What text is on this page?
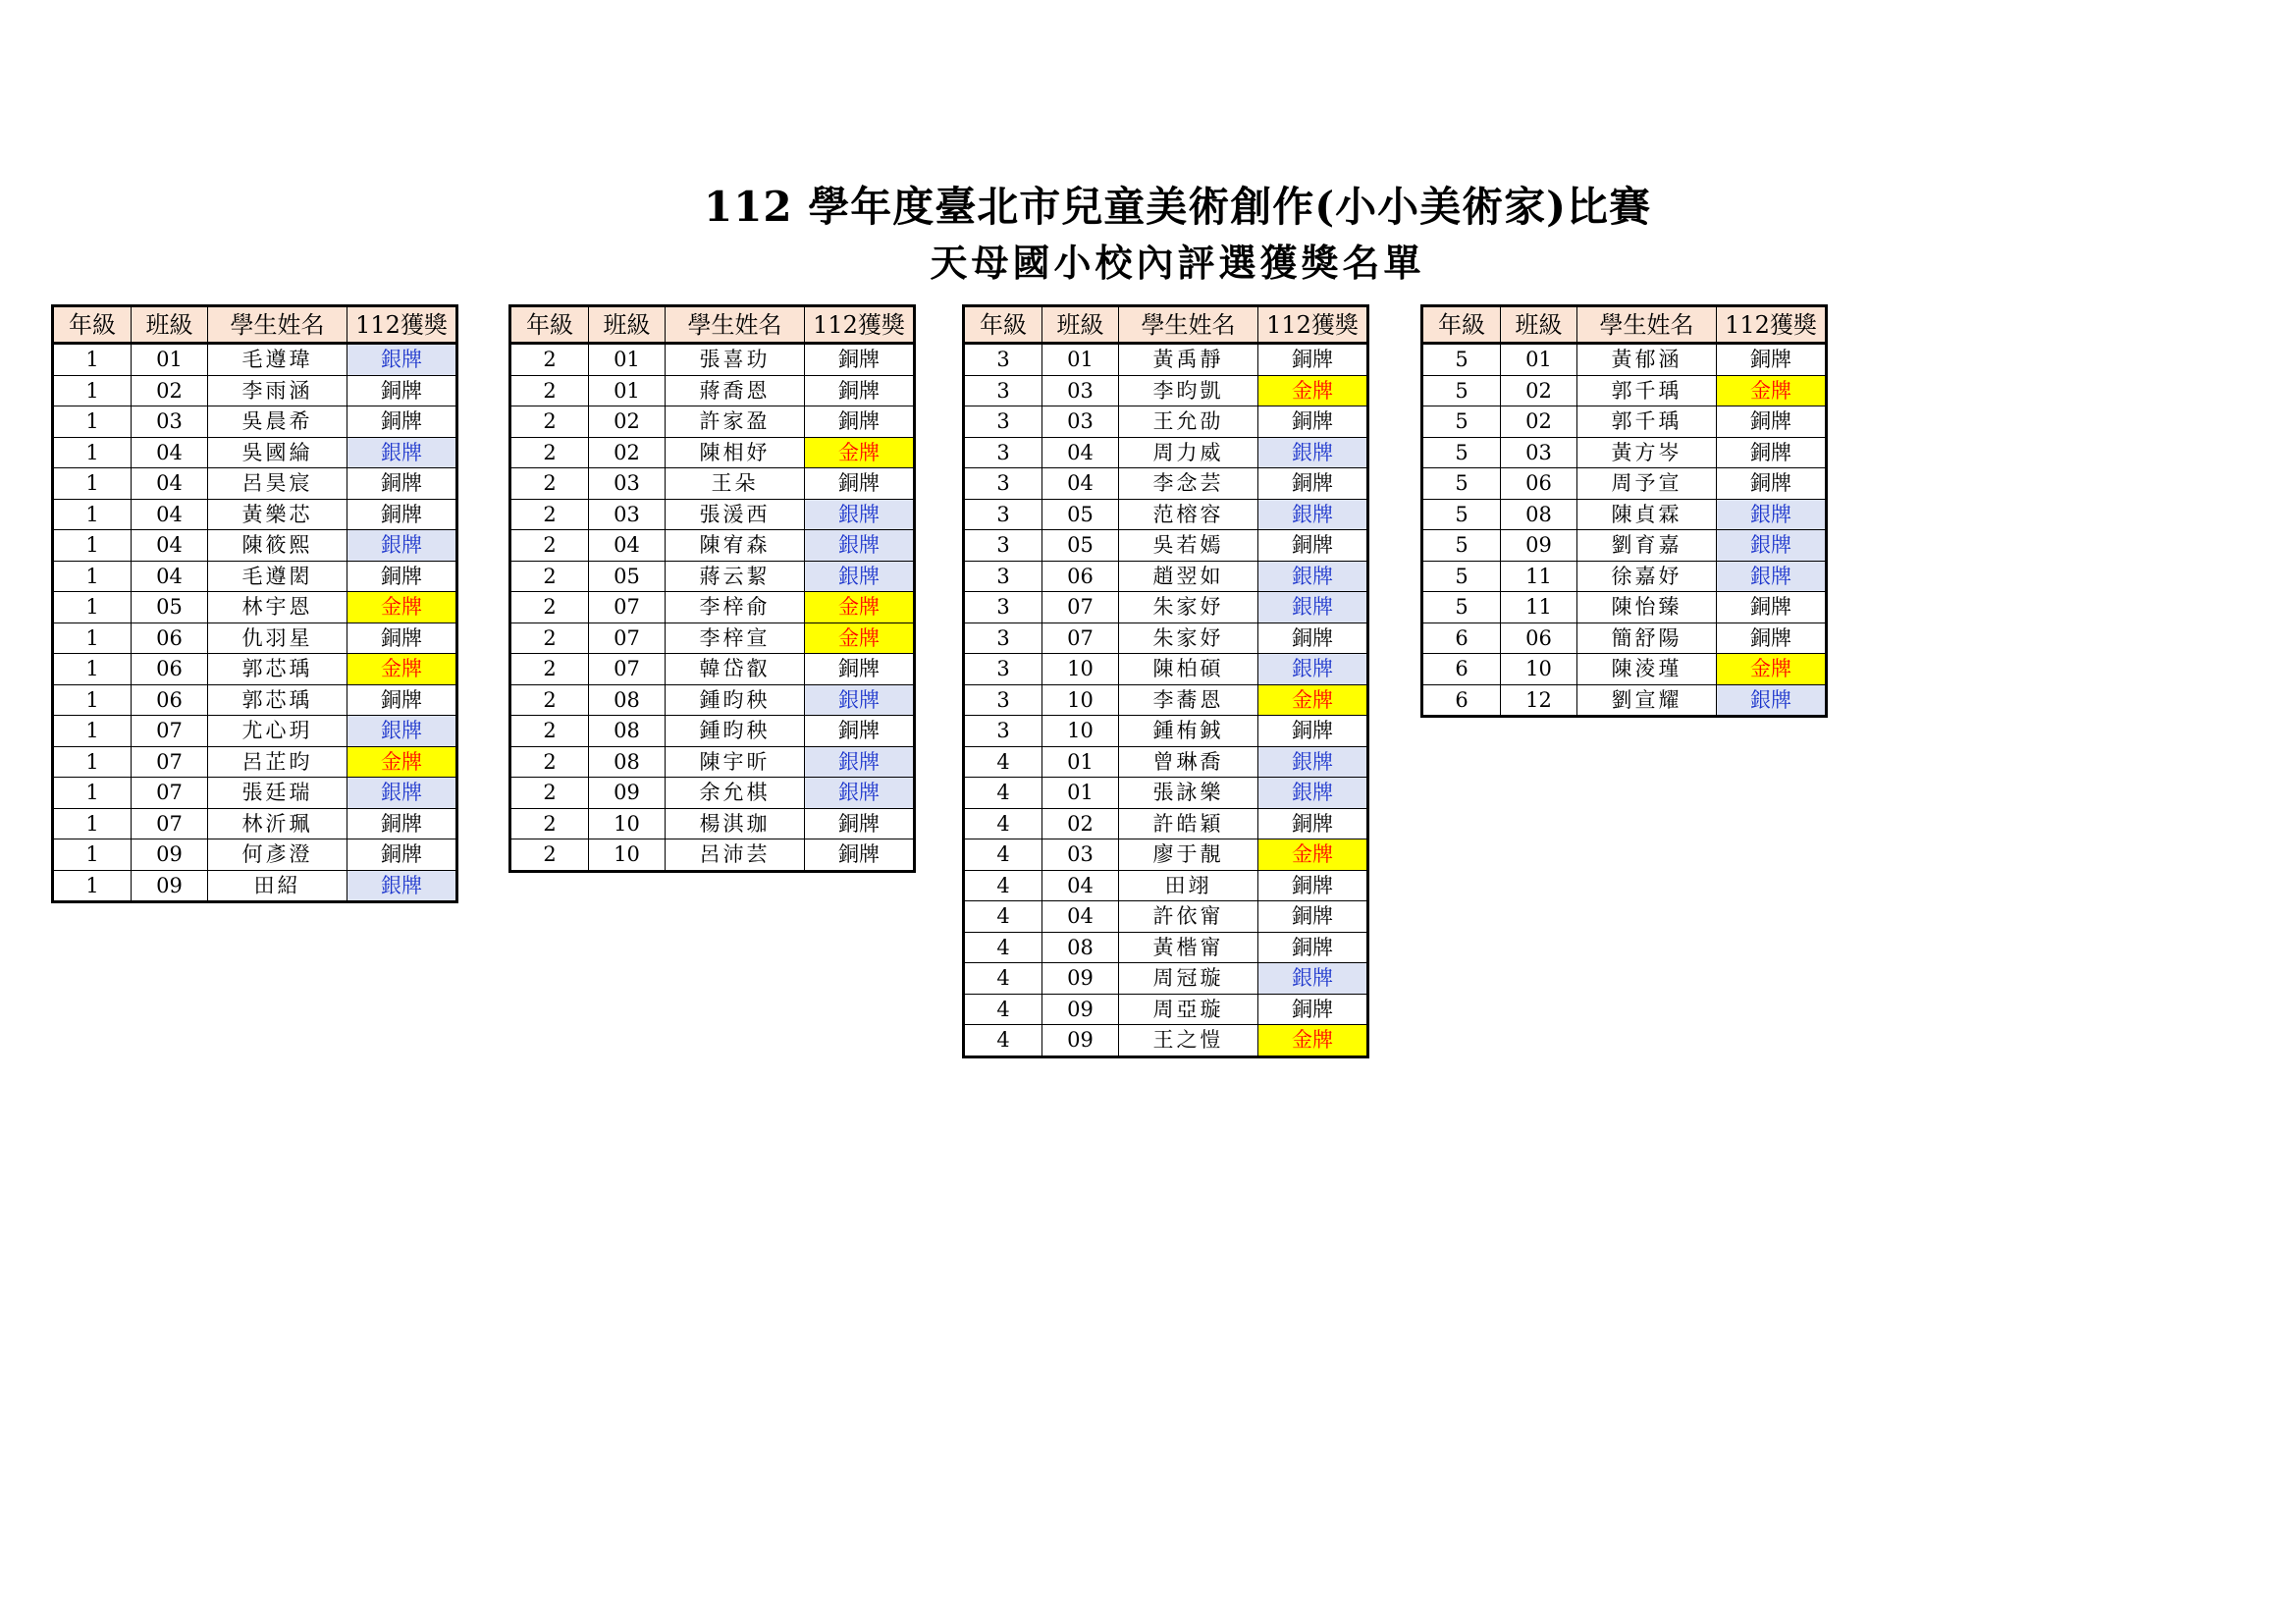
112 學年度臺北市兒童美術創作(小小美術家)比賽
天母國小校內評選獲獎名單
年級	班級	學生姓名	112獲獎
1	01	毛遵瑋	銀牌
1	02	李雨涵	銅牌
1	03	吳晨希	銅牌
1	04	吳國綸	銀牌
1	04	呂昊宸	銅牌
1	04	黃樂芯	銅牌
1	04	陳筱熙	銀牌
1	04	毛遵閎	銅牌
1	05	林宇恩	金牌
1	06	仇羽星	銅牌
1	06	郭芯瑀	金牌
1	06	郭芯瑀	銅牌
1	07	尤心玥	銀牌
1	07	呂芷昀	金牌
1	07	張廷瑞	銀牌
1	07	林沂珮	銅牌
1	09	何彥澄	銅牌
1	09	田紹	銀牌
年級	班級	學生姓名	112獲獎
2	01	張喜玏	銅牌
2	01	蔣喬恩	銅牌
2	02	許家盈	銅牌
2	02	陳相妤	金牌
2	03	王朵	銅牌
2	03	張湲西	銀牌
2	04	陳宥森	銀牌
2	05	蔣云絜	銀牌
2	07	李梓俞	金牌
2	07	李梓宣	金牌
2	07	韓岱叡	銅牌
2	08	鍾昀秧	銀牌
2	08	鍾昀秧	銅牌
2	08	陳宇昕	銀牌
2	09	余允棋	銀牌
2	10	楊淇珈	銅牌
2	10	呂沛芸	銅牌
年級	班級	學生姓名	112獲獎
3	01	黃禹靜	銅牌
3	03	李昀凱	金牌
3	03	王允劭	銅牌
3	04	周力威	銀牌
3	04	李念芸	銅牌
3	05	范榕容	銀牌
3	05	吳若嫣	銅牌
3	06	趙翌如	銀牌
3	07	朱家妤	銀牌
3	07	朱家妤	銅牌
3	10	陳柏碩	銀牌
3	10	李蕎恩	金牌
3	10	鍾栯銊	銅牌
4	01	曾琳喬	銀牌
4	01	張詠樂	銀牌
4	02	許皓穎	銅牌
4	03	廖于靚	金牌
4	04	田翊	銅牌
4	04	許依甯	銅牌
4	08	黃楷甯	銅牌
4	09	周冠璇	銀牌
4	09	周亞璇	銅牌
4	09	王之愷	金牌
年級	班級	學生姓名	112獲獎
5	01	黃郁涵	銅牌
5	02	郭千瑀	金牌
5	02	郭千瑀	銅牌
5	03	黃方岑	銅牌
5	06	周予宣	銅牌
5	08	陳貞霖	銀牌
5	09	劉育嘉	銀牌
5	11	徐嘉妤	銀牌
5	11	陳怡臻	銅牌
6	06	簡舒陽	銅牌
6	10	陳淩瑾	金牌
6	12	劉宣耀	銀牌
